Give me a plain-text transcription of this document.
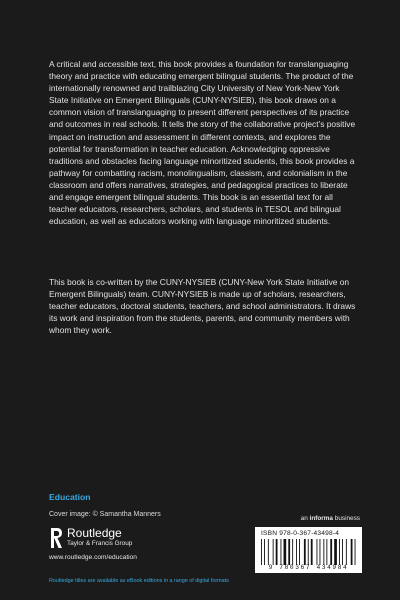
A critical and accessible text, this book provides a foundation for translanguaging theory and practice with educating emergent bilingual students. The product of the internationally renowned and trailblazing City University of New York-New York State Initiative on Emergent Bilinguals (CUNY-NYSIEB), this book draws on a common vision of translanguaging to present different perspectives of its practice and outcomes in real schools. It tells the story of the collaborative project’s positive impact on instruction and assessment in different contexts, and explores the potential for transformation in teacher education. Acknowledging oppressive traditions and obstacles facing language minoritized students, this book provides a pathway for combatting racism, monolingualism, classism, and colonialism in the classroom and offers narratives, strategies, and pedagogical practices to liberate and engage emergent bilingual students. This book is an essential text for all teacher educators, researchers, scholars, and students in TESOL and bilingual education, as well as educators working with language minoritized students.

This book is co-written by the CUNY-NYSIEB (CUNY-New York State Initiative on Emergent Bilinguals) team. CUNY-NYSIEB is made up of scholars, researchers, teacher educators, doctoral students, teachers, and school administrators. It draws its work and inspiration from the students, parents, and community members with whom they work.

Education
Cover image: © Samantha Manners
an informa business
Routledge
Taylor & Francis Group
www.routledge.com/education
ISBN 978-0-367-43498-4
9 780367 434984
Routledge titles are available as eBook editions in a range of digital formats
